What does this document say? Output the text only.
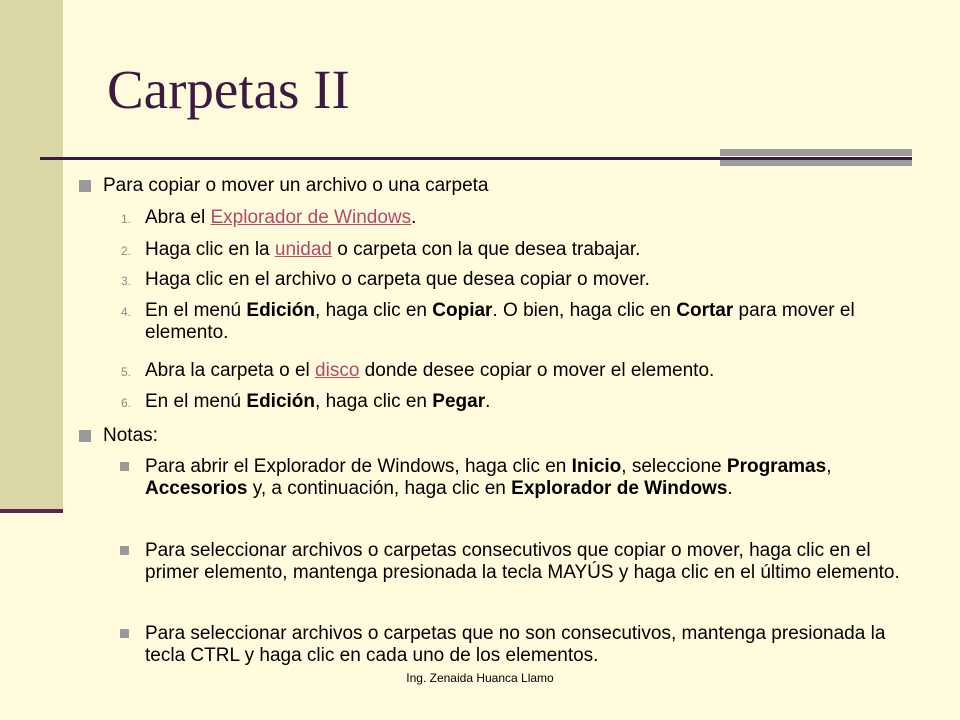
Carpetas II
Para copiar o mover un archivo o una carpeta
1. Abra el Explorador de Windows.
2. Haga clic en la unidad o carpeta con la que desea trabajar.
3. Haga clic en el archivo o carpeta que desea copiar o mover.
4. En el menú Edición, haga clic en Copiar. O bien, haga clic en Cortar para mover el elemento.
5. Abra la carpeta o el disco donde desee copiar o mover el elemento.
6. En el menú Edición, haga clic en Pegar.
Notas:
Para abrir el Explorador de Windows, haga clic en Inicio, seleccione Programas, Accesorios y, a continuación, haga clic en Explorador de Windows.
Para seleccionar archivos o carpetas consecutivos que copiar o mover, haga clic en el primer elemento, mantenga presionada la tecla MAYÚS y haga clic en el último elemento.
Para seleccionar archivos o carpetas que no son consecutivos, mantenga presionada la tecla CTRL y haga clic en cada uno de los elementos.
Ing. Zenaida Huanca Llamo
